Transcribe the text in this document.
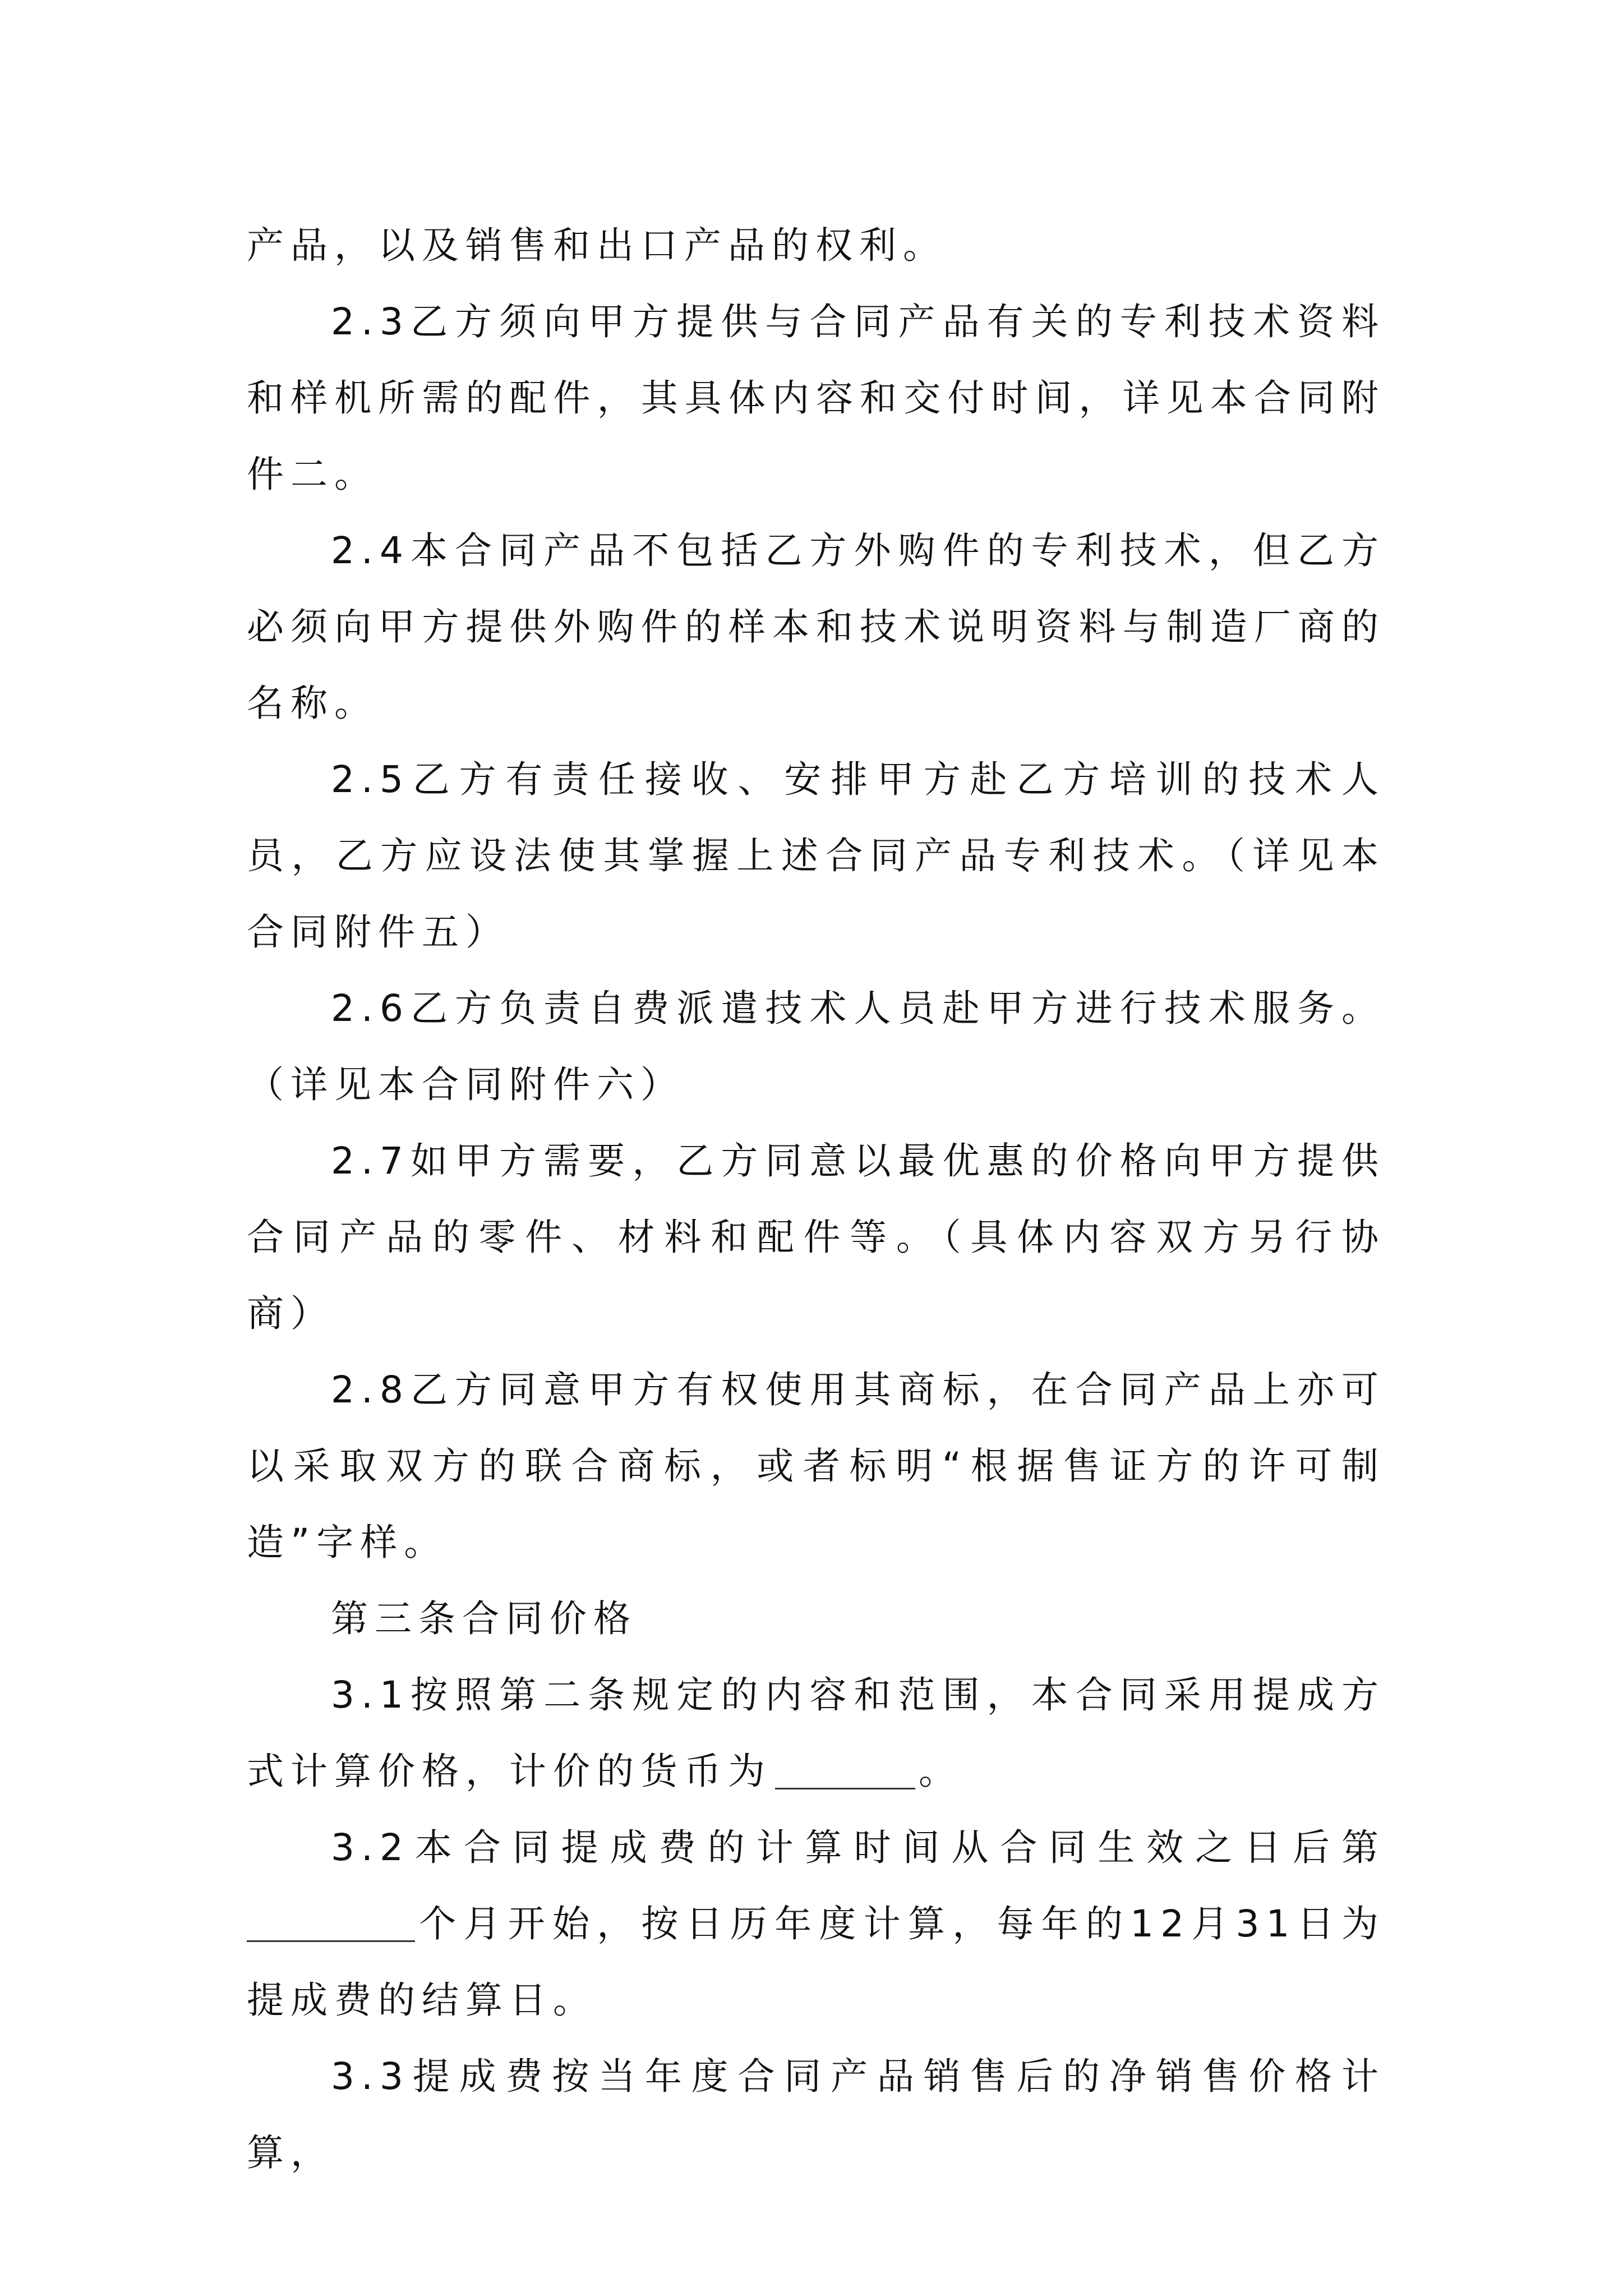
产品，以及销售和出口产品的权利。

2.3乙方须向甲方提供与合同产品有关的专利技术资料和样机所需的配件，其具体内容和交付时间，详见本合同附件二。

2.4本合同产品不包括乙方外购件的专利技术，但乙方必须向甲方提供外购件的样本和技术说明资料与制造厂商的名称。

2.5乙方有责任接收、安排甲方赴乙方培训的技术人员，乙方应设法使其掌握上述合同产品专利技术。（详见本合同附件五）

2.6乙方负责自费派遣技术人员赴甲方进行技术服务。（详见本合同附件六）

2.7如甲方需要，乙方同意以最优惠的价格向甲方提供合同产品的零件、材料和配件等。（具体内容双方另行协商）

2.8乙方同意甲方有权使用其商标，在合同产品上亦可以采取双方的联合商标，或者标明“根据售证方的许可制造”字样。

第三条合同价格

3.1按照第二条规定的内容和范围，本合同采用提成方式计算价格，计价的货币为	。

3.2本合同提成费的计算时间从合同生效之日后第个月开始，按日历年度计算，每年的12月31日为提成费的结算日。

3.3提成费按当年度合同产品销售后的净销售价格计算，
